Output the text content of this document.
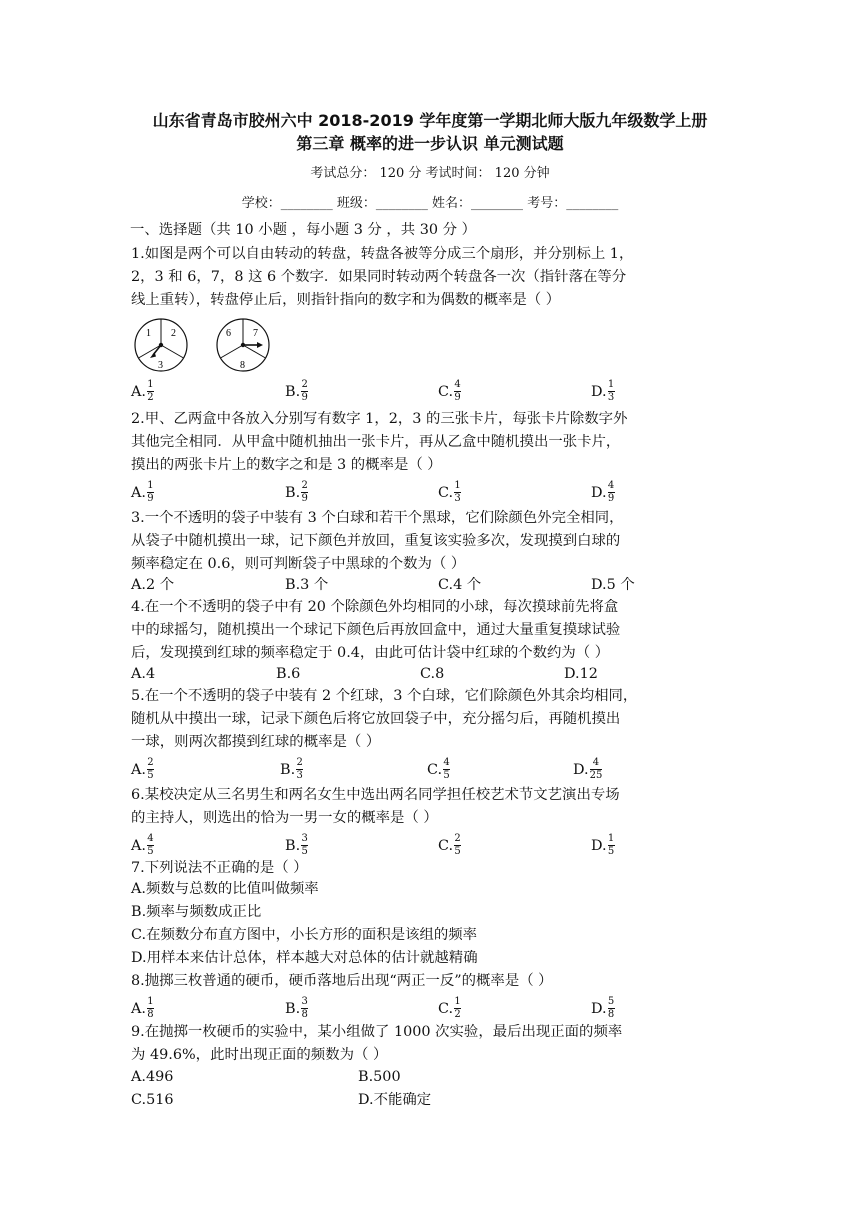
山东省青岛市胶州六中 2018-2019 学年度第一学期北师大版九年级数学上册
第三章 概率的进一步认识 单元测试题
考试总分： 120 分 考试时间： 120 分钟
学校：________ 班级：________ 姓名：________ 考号：________
一、选择题（共 10 小题 ，每小题 3 分 ，共 30 分 ）
1.如图是两个可以自由转动的转盘，转盘各被等分成三个扇形，并分别标上 1，
2，3 和 6，7，8 这 6 个数字．如果同时转动两个转盘各一次（指针落在等分
线上重转），转盘停止后，则指针指向的数字和为偶数的概率是（ ）
1 2
3
6 7
8
A. $\frac{1}{2}$	B. $\frac{2}{9}$	C. $\frac{4}{9}$	D. $\frac{1}{3}$
2.甲、乙两盒中各放入分别写有数字 1，2，3 的三张卡片，每张卡片除数字外
其他完全相同．从甲盒中随机抽出一张卡片，再从乙盒中随机摸出一张卡片，
摸出的两张卡片上的数字之和是 3 的概率是（ ）
A. $\frac{1}{9}$	B. $\frac{2}{9}$	C. $\frac{1}{3}$	D. $\frac{4}{9}$
3.一个不透明的袋子中装有 3 个白球和若干个黑球，它们除颜色外完全相同，
从袋子中随机摸出一球，记下颜色并放回，重复该实验多次，发现摸到白球的
频率稳定在 0.6，则可判断袋子中黑球的个数为（ ）
A.2 个	B.3 个	C.4 个	D.5 个
4.在一个不透明的袋子中有 20 个除颜色外均相同的小球，每次摸球前先将盒
中的球摇匀，随机摸出一个球记下颜色后再放回盒中，通过大量重复摸球试验
后，发现摸到红球的频率稳定于 0.4，由此可估计袋中红球的个数约为（ ）
A.4	B.6	C.8	D.12
5.在一个不透明的袋子中装有 2 个红球，3 个白球，它们除颜色外其余均相同，
随机从中摸出一球，记录下颜色后将它放回袋子中，充分摇匀后，再随机摸出
一球，则两次都摸到红球的概率是（ ）
A. $\frac{2}{5}$	B. $\frac{2}{3}$	C. $\frac{4}{5}$	D. $\frac{4}{25}$
6.某校决定从三名男生和两名女生中选出两名同学担任校艺术节文艺演出专场
的主持人，则选出的恰为一男一女的概率是（ ）
A. $\frac{4}{5}$	B. $\frac{3}{5}$	C. $\frac{2}{5}$	D. $\frac{1}{5}$
7.下列说法不正确的是（ ）
A.频数与总数的比值叫做频率
B.频率与频数成正比
C.在频数分布直方图中，小长方形的面积是该组的频率
D.用样本来估计总体，样本越大对总体的估计就越精确
8.抛掷三枚普通的硬币，硬币落地后出现“两正一反”的概率是（ ）
A. $\frac{1}{8}$	B. $\frac{3}{8}$	C. $\frac{1}{2}$	D. $\frac{5}{8}$
9.在抛掷一枚硬币的实验中，某小组做了 1000 次实验，最后出现正面的频率
为 49.6%，此时出现正面的频数为（ ）
A.496	B.500
C.516	D.不能确定
